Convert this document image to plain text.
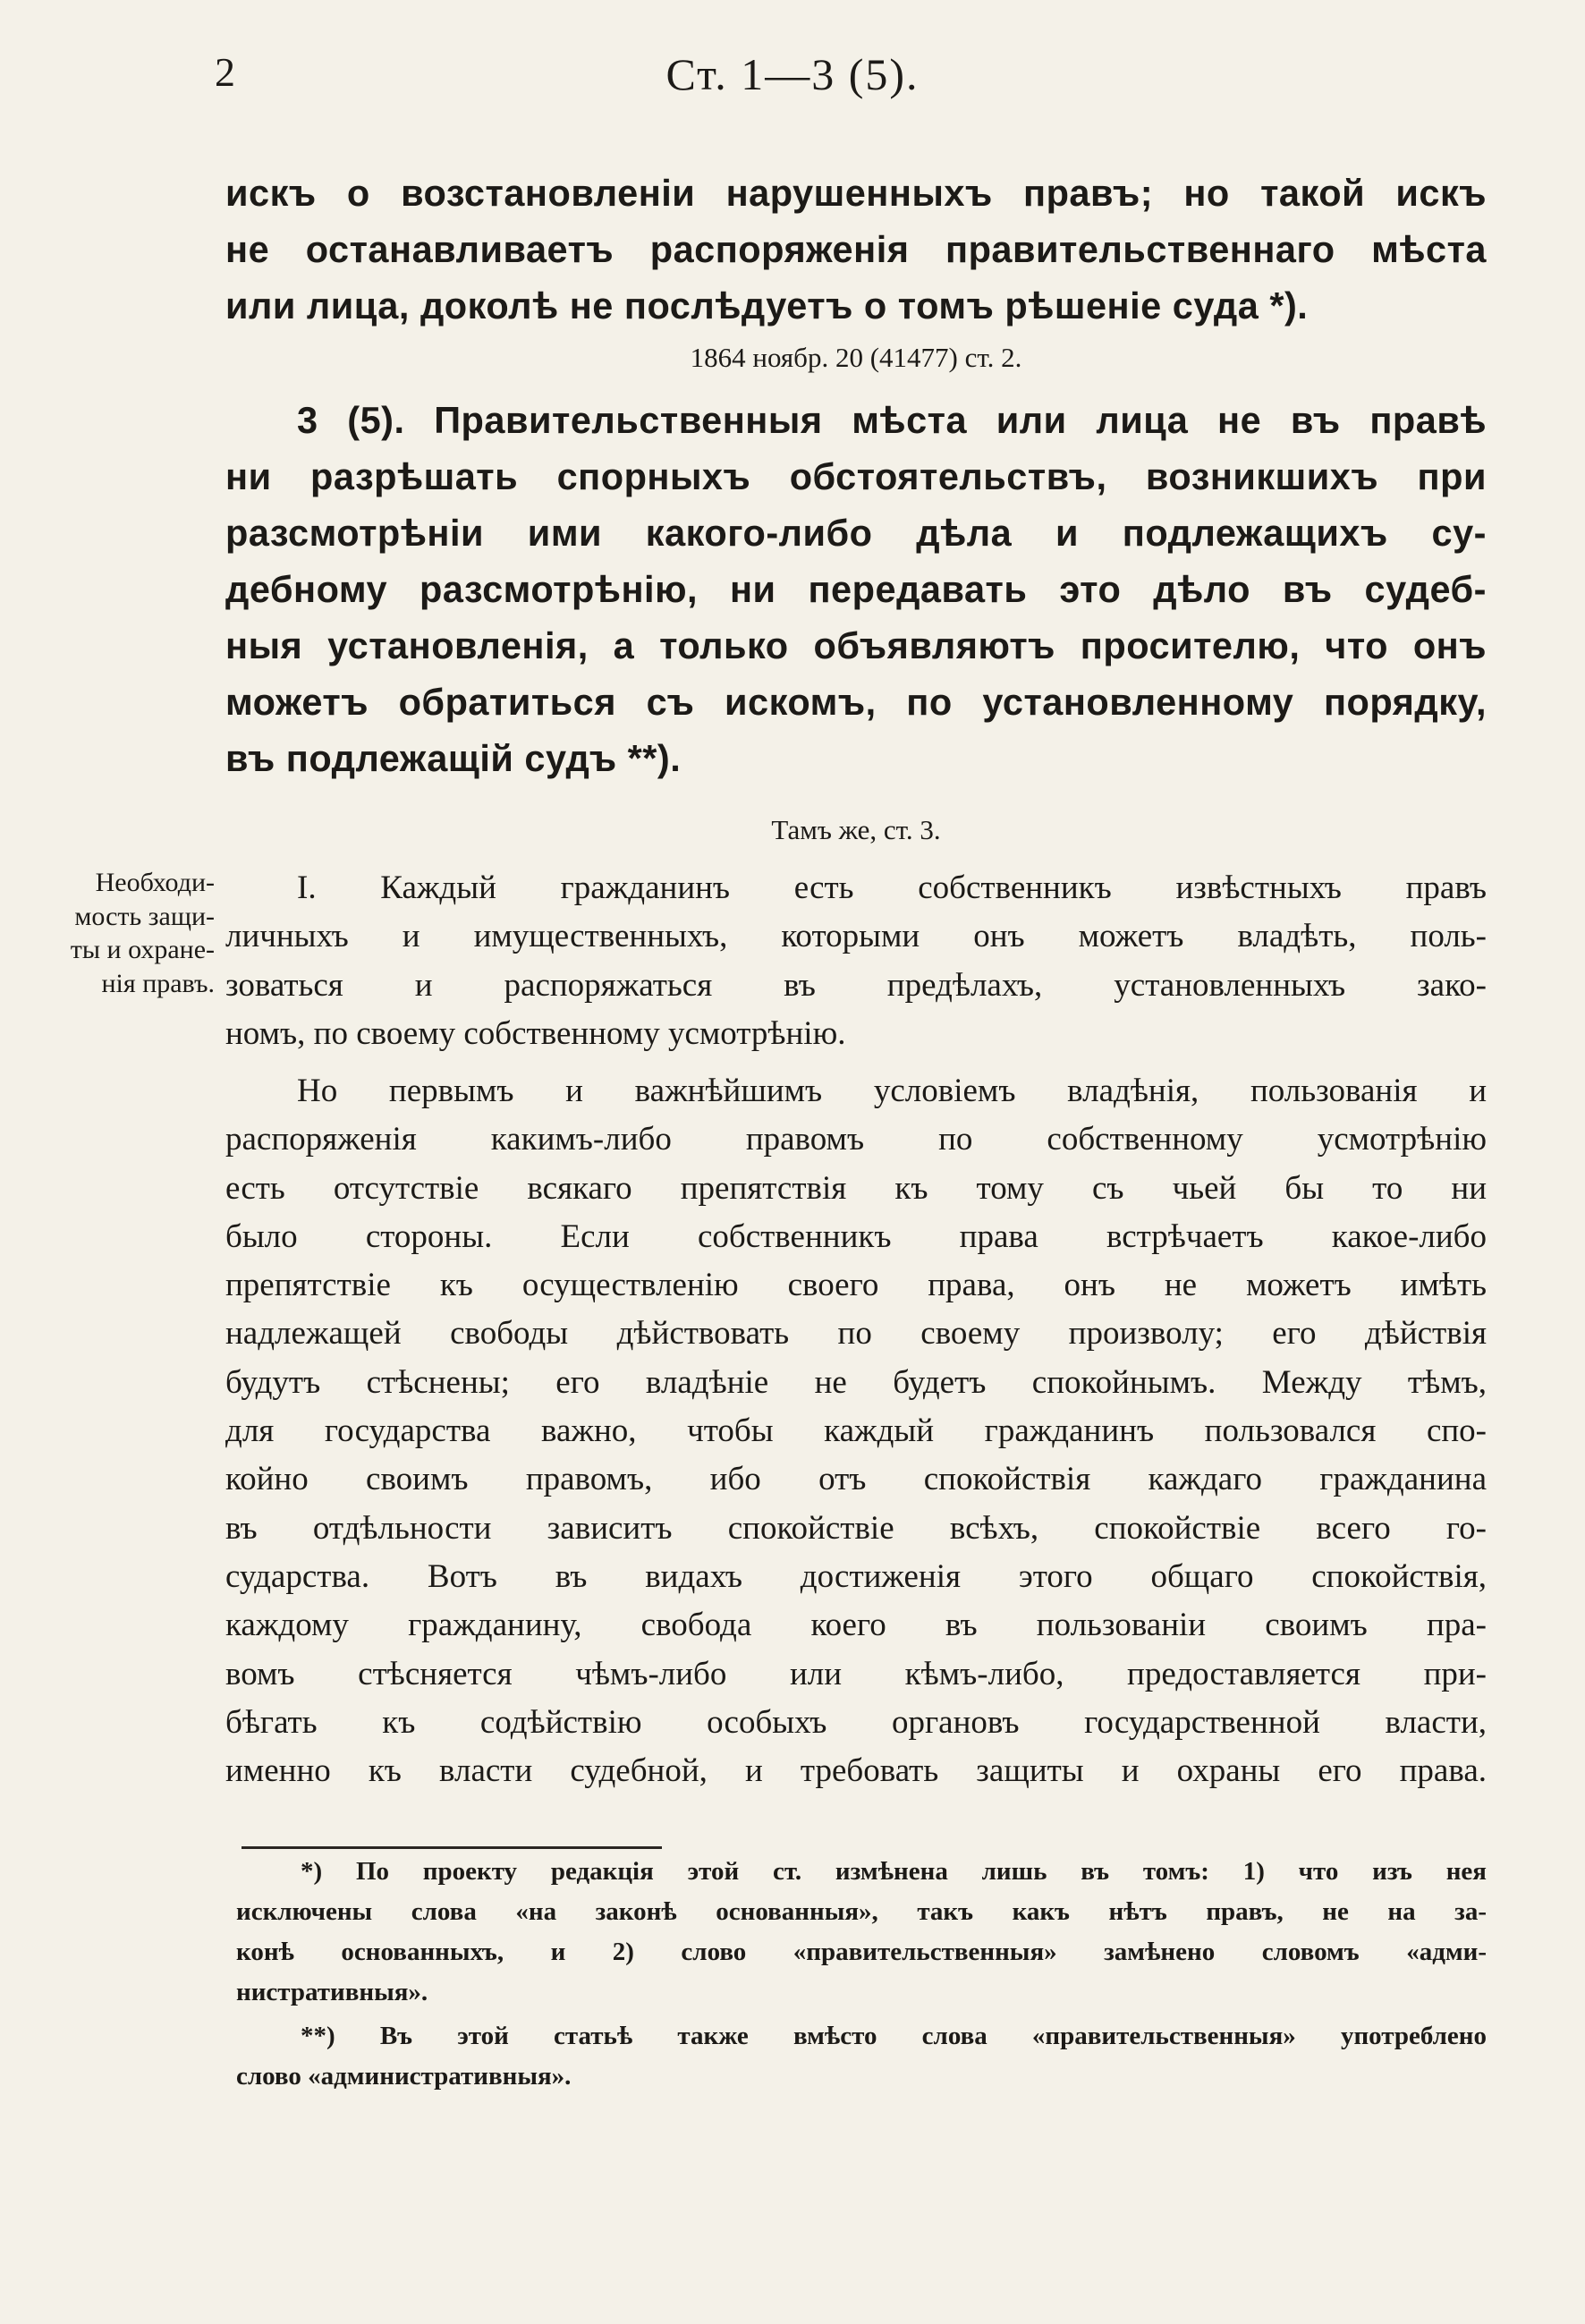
2	Ст. 1—3 (5).
искъ о возстановленіи нарушенныхъ правъ; но такой искъ
не останавливаетъ распоряженія правительственнаго мѣста
или лица, доколѣ не послѣдуетъ о томъ рѣшеніе суда *).
1864 ноябр. 20 (41477) ст. 2.
3 (5). Правительственныя мѣста или лица не въ правѣ
ни разрѣшать спорныхъ обстоятельствъ, возникшихъ при
разсмотрѣніи ими какого-либо дѣла и подлежащихъ су-
дебному разсмотрѣнію, ни передавать это дѣло въ судеб-
ныя установленія, а только объявляютъ просителю, что онъ
можетъ обратиться съ искомъ, по установленному порядку,
въ подлежащій судъ **).
Тамъ же, ст. 3.
Необходи-
мость защи-
ты и охране-
нія правъ.
I. Каждый гражданинъ есть собственникъ извѣстныхъ правъ
личныхъ и имущественныхъ, которыми онъ можетъ владѣть, поль-
зоваться и распоряжаться въ предѣлахъ, установленныхъ зако-
номъ, по своему собственному усмотрѣнію.
Но первымъ и важнѣйшимъ условіемъ владѣнія, пользованія и
распоряженія какимъ-либо правомъ по собственному усмотрѣнію
есть отсутствіе всякаго препятствія къ тому съ чьей бы то ни
было стороны. Если собственникъ права встрѣчаетъ какое-либо
препятствіе къ осуществленію своего права, онъ не можетъ имѣть
надлежащей свободы дѣйствовать по своему произволу; его дѣйствія
будутъ стѣснены; его владѣніе не будетъ спокойнымъ. Между тѣмъ,
для государства важно, чтобы каждый гражданинъ пользовался спо-
койно своимъ правомъ, ибо отъ спокойствія каждаго гражданина
въ отдѣльности зависитъ спокойствіе всѣхъ, спокойствіе всего го-
сударства. Вотъ въ видахъ достиженія этого общаго спокойствія,
каждому гражданину, свобода коего въ пользованіи своимъ пра-
вомъ стѣсняется чѣмъ-либо или кѣмъ-либо, предоставляется при-
бѣгать къ содѣйствію особыхъ органовъ государственной власти,
именно къ власти судебной, и требовать защиты и охраны его права.
*) По проекту редакція этой ст. измѣнена лишь въ томъ: 1) что изъ нея
исключены слова «на законѣ основанныя», такъ какъ нѣтъ правъ, не на за-
конѣ основанныхъ, и 2) слово «правительственныя» замѣнено словомъ «адми-
нистративныя».
**) Въ этой статьѣ также вмѣсто слова «правительственныя» употреблено
слово «административныя».
